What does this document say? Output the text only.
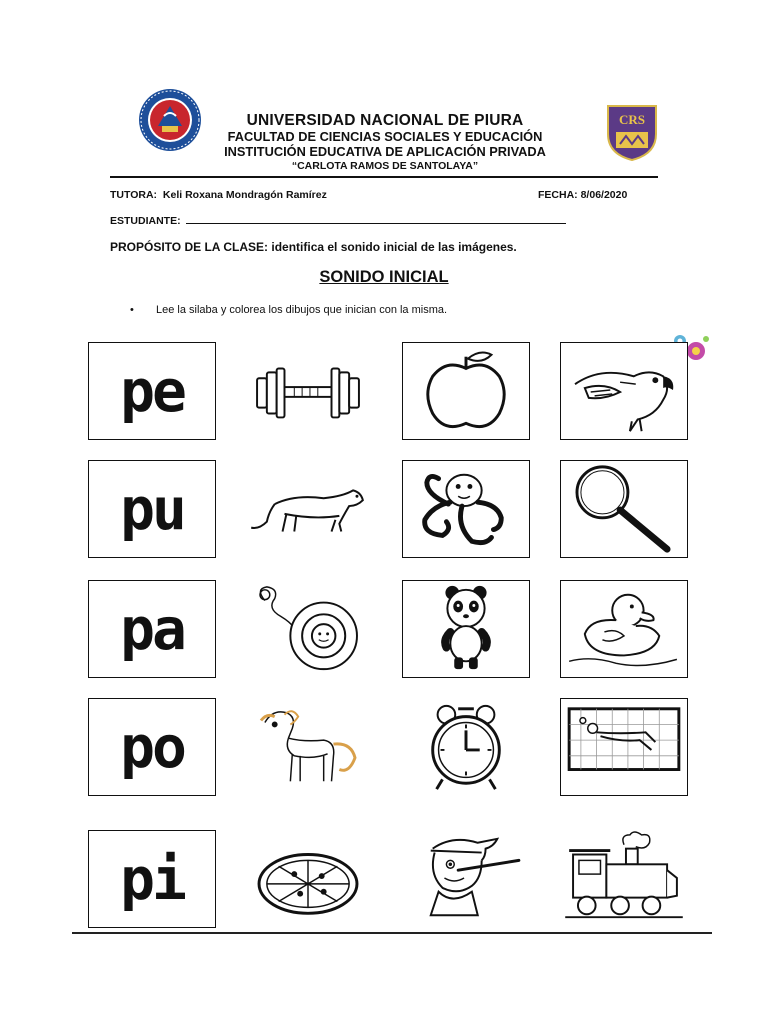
UNIVERSIDAD NACIONAL DE PIURA
FACULTAD DE CIENCIAS SOCIALES Y EDUCACIÓN
INSTITUCIÓN EDUCATIVA DE APLICACIÓN PRIVADA
“CARLOTA RAMOS DE SANTOLAYA”
CRS
TUTORA: Keli Roxana Mondragón Ramírez	FECHA: 8/06/2020
ESTUDIANTE:
PROPÓSITO DE LA CLASE: identifica el sonido inicial de las imágenes.
SONIDO INICIAL
• Lee la silaba y colorea los dibujos que inician con la misma.
pe
pu
pa
po
pi
